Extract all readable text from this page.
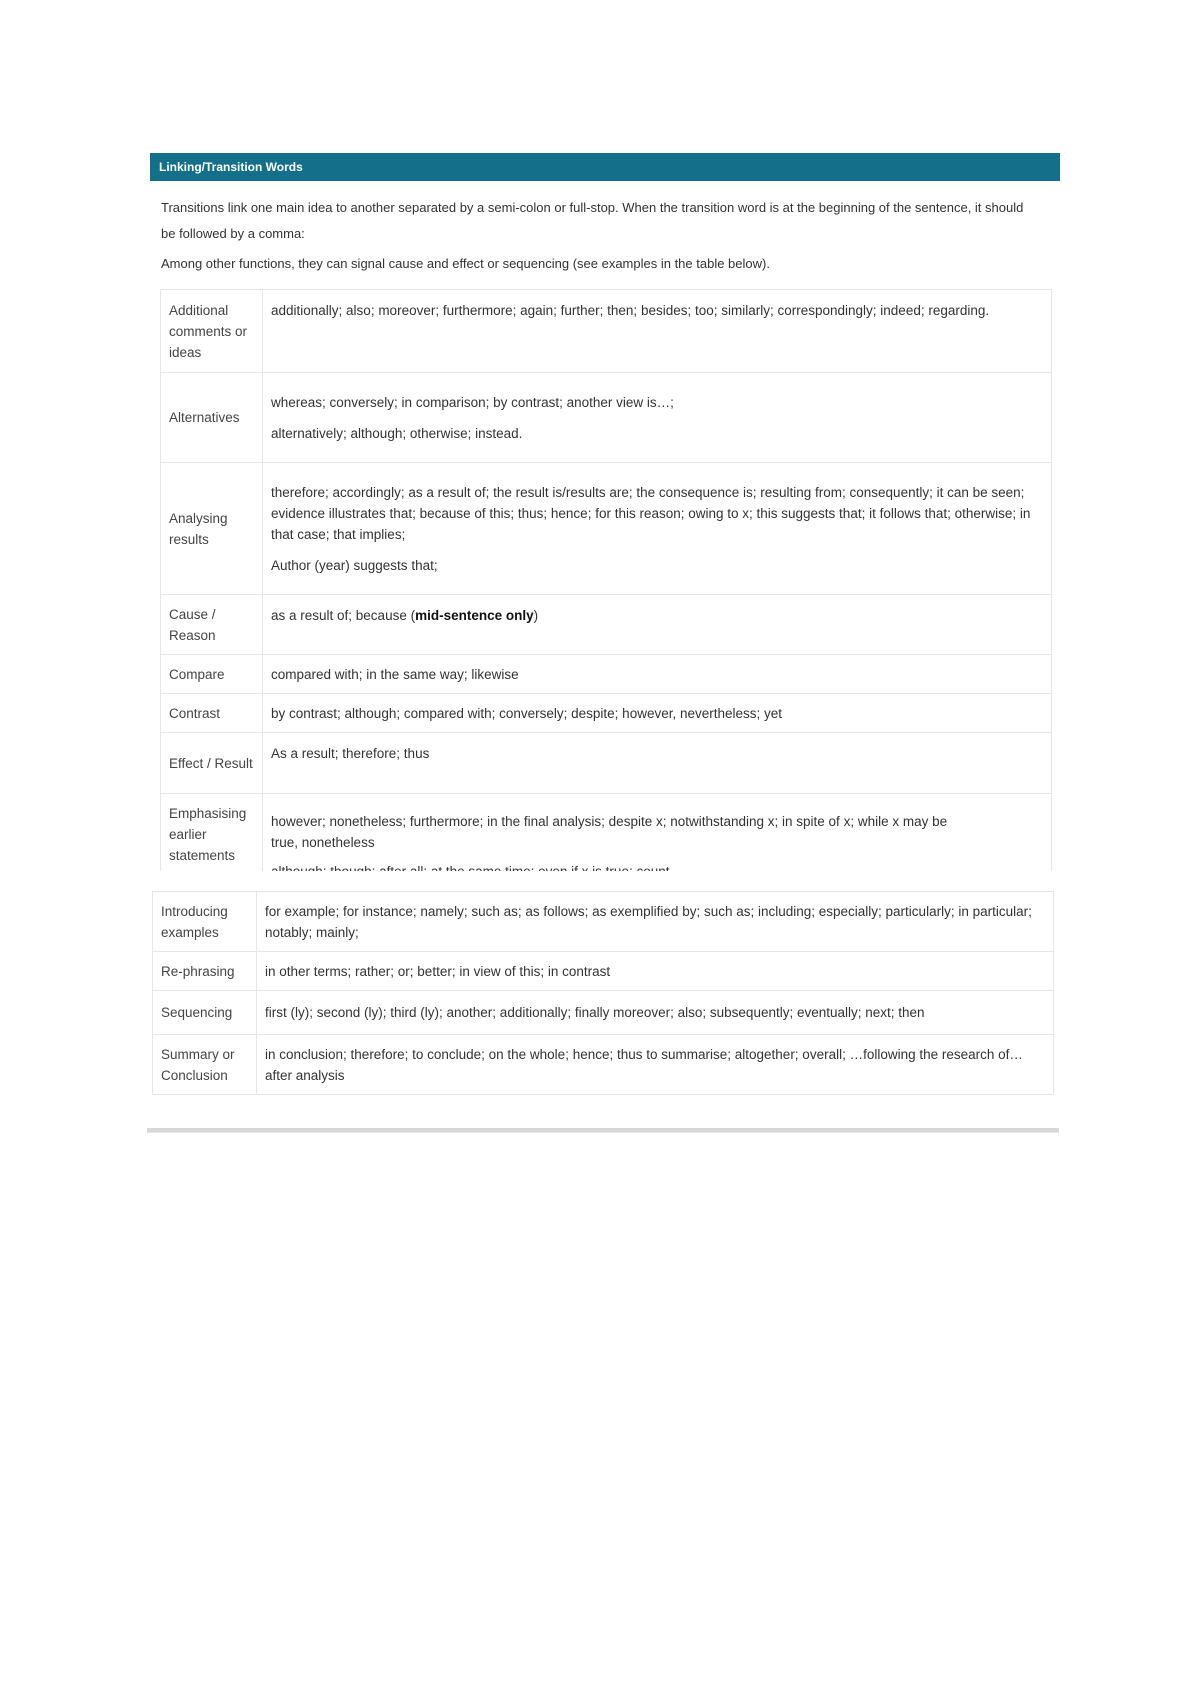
Linking/Transition Words
Transitions link one main idea to another separated by a semi-colon or full-stop. When the transition word is at the beginning of the sentence, it should be followed by a comma:
Among other functions, they can signal cause and effect or sequencing (see examples in the table below).
Additional comments or ideas	additionally; also; moreover; furthermore; again; further; then; besides; too; similarly; correspondingly; indeed; regarding.

Alternatives	whereas; conversely; in comparison; by contrast; another view is…;

alternatively; although; otherwise; instead.

Analysing results	therefore; accordingly; as a result of; the result is/results are; the consequence is; resulting from; consequently; it can be seen; evidence illustrates that; because of this; thus; hence; for this reason; owing to x; this suggests that; it follows that; otherwise; in that case; that implies;

Author (year) suggests that;

Cause / Reason	as a result of; because (mid-sentence only)
Compare	compared with; in the same way; likewise

Contrast	by contrast; although; compared with; conversely; despite; however, nevertheless; yet

Effect / Result	As a result; therefore; thus

Emphasising earlier statements	however; nonetheless; furthermore; in the final analysis; despite x; notwithstanding x; in spite of x; while x may be true, nonetheless

Introducing examples	for example; for instance; namely; such as; as follows; as exemplified by; such as; including; especially; particularly; in particular; notably; mainly;

Re-phrasing	in other terms; rather; or; better; in view of this; in contrast

Sequencing	first (ly); second (ly); third (ly); another; additionally; finally moreover; also; subsequently; eventually; next; then

Summary or Conclusion	in conclusion; therefore; to conclude; on the whole; hence; thus to summarise; altogether; overall; …following the research of…after analysis
